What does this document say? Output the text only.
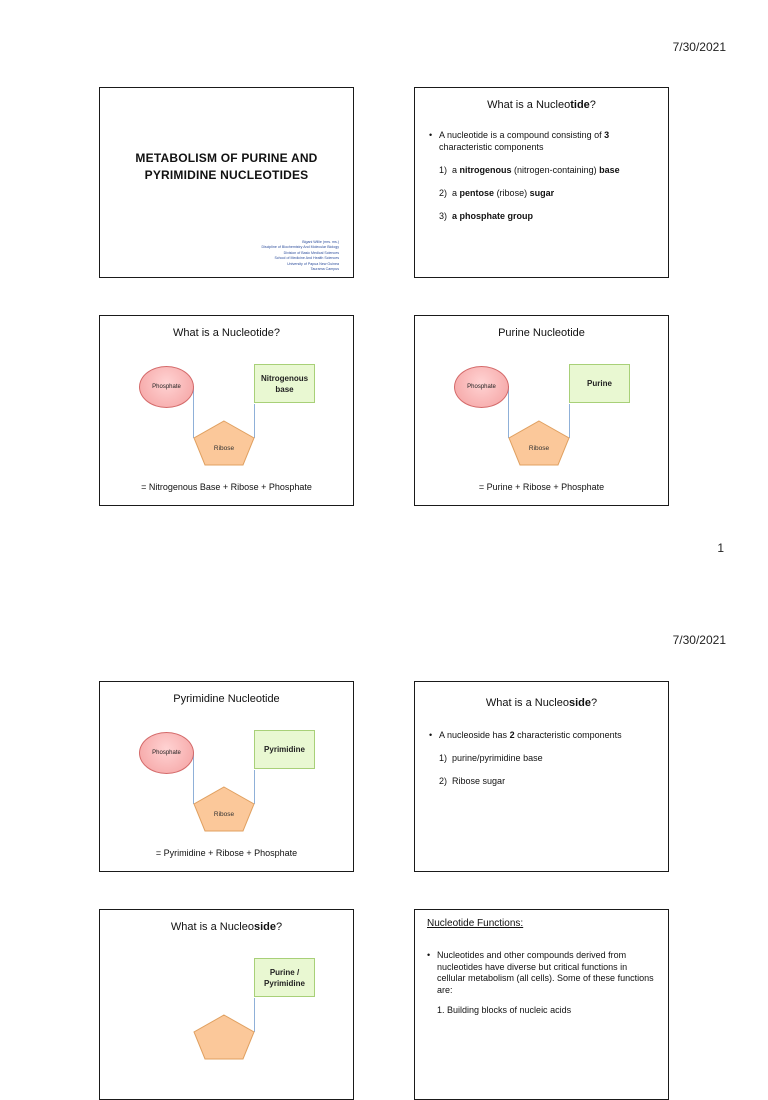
7/30/2021
METABOLISM OF PURINE AND
PYRIMIDINE NUCLEOTIDES
Bigani Willie (mrs. ms.)
Discipline of Biochemistry And Molecular Biology
Division of Basic Medical Sciences
School of Medicine And Health Sciences
University of Papua New Guinea
Taurama Campus
What is a Nucleotide?
• A nucleotide is a compound consisting of 3
characteristic components
1) a nitrogenous (nitrogen-containing) base
2) a pentose (ribose) sugar
3) a phosphate group
What is a Nucleotide?
Phosphate
Nitrogenous
base
Ribose
= Nitrogenous Base + Ribose + Phosphate
Purine Nucleotide
Phosphate	Purine
Ribose
= Purine + Ribose + Phosphate
1
7/30/2021
Pyrimidine Nucleotide
Phosphate	Pyrimidine
Ribose
= Pyrimidine + Ribose + Phosphate
What is a Nucleoside?
• A nucleoside has 2 characteristic components
1) purine/pyrimidine base
2) Ribose sugar
What is a Nucleoside?
Purine /
Pyrimidine
Nucleotide Functions:
• Nucleotides and other compounds derived from nucleotides have diverse but critical functions in cellular metabolism (all cells). Some of these functions are:
1. Building blocks of nucleic acids
